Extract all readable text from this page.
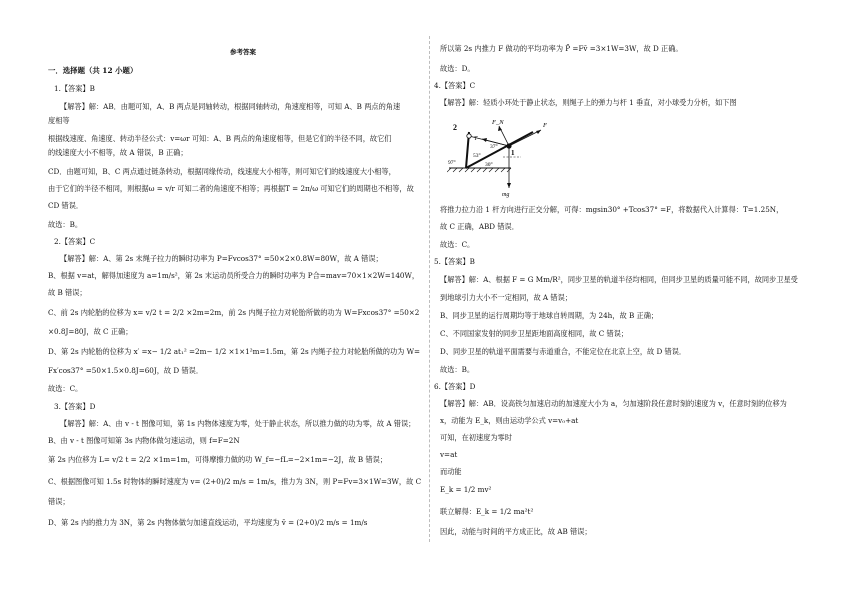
参考答案
一．选择题（共 12 小题）
1.【答案】B
【解答】解：AB．由题可知，A、B 两点是同轴转动，根据同轴转动，角速度相等，可知 A、B 两点的角速
度相等
根据线速度、角速度、转动半径公式：v=ωr 可知：A、B 两点的角速度相等，但是它们的半径不同，故它们
的线速度大小不相等，故 A 错误，B 正确；
CD．由题可知，B、C 两点通过链条转动，根据同缘传动，线速度大小相等，则可知它们的线速度大小相等，
由于它们的半径不相同，则根据ω = v/r 可知二者的角速度不相等；再根据T = 2π/ω 可知它们的周期也不相等，故
CD 错误．
故选：B。
2.【答案】C
【解答】解：A、第 2s 末绳子拉力的瞬时功率为 P=Fvcos37° =50×2×0.8W=80W，故 A 错误；
B、根据 v=at，解得加速度为 a=1m/s²，第 2s 末运动员所受合力的瞬时功率为 P合=mav=70×1×2W=140W，
故 B 错误；
C、前 2s 内轮胎的位移为 x= v/2 t = 2/2 ×2m=2m，前 2s 内绳子拉力对轮胎所做的功为 W=Fxcos37° =50×2
×0.8J=80J，故 C 正确；
D、第 2s 内轮胎的位移为 x′ =x− 1/2 at₁² =2m− 1/2 ×1×1²m=1.5m，第 2s 内绳子拉力对轮胎所做的功为 W=
Fx′cos37° =50×1.5×0.8J=60J，故 D 错误．
故选：C。
3.【答案】D
【解答】解：A、由 v - t 图像可知，第 1s 内物体速度为零，处于静止状态，所以推力做的功为零，故 A 错误；
B、由 v - t 图像可知第 3s 内物体做匀速运动，则 f=F=2N
第 2s 内位移为 L= v/2 t = 2/2 ×1m=1m，可得摩擦力做的功 W_f=−fL=−2×1m=−2J，故 B 错误；
C、根据图像可知 1.5s 时物体的瞬时速度为 v= (2+0)/2 m/s = 1m/s，推力为 3N，则 P=Fv=3×1W=3W，故 C
错误；
D、第 2s 内的推力为 3N，第 2s 内物体做匀加速直线运动，平均速度为 v̄ = (2+0)/2 m/s = 1m/s
所以第 2s 内推力 F 做功的平均功率为 P̄ =Fv̄ =3×1W=3W，故 D 正确。
故选：D。
4.【答案】C
【解答】解：轻质小环处于静止状态，则绳子上的弹力与杆 1 垂直，对小球受力分析，如下图
2
T
F_N	F
37°
53°	1
97°	30°
mg
将推力拉力沿 1 杆方向进行正交分解，可得：mgsin30° +Tcos37° =F，将数据代入计算得：T=1.25N，
故 C 正确，ABD 错误．
故选：C。
5.【答案】B
【解答】解：A、根据 F = G Mm/R²，同步卫星的轨道半径均相同，但同步卫星的质量可能不同，故同步卫星受
到地球引力大小不一定相同，故 A 错误；
B、同步卫星的运行周期均等于地球自转周期，为 24h，故 B 正确；
C、不同国家发射的同步卫星距地面高度相同，故 C 错误；
D、同步卫星的轨道平面需要与赤道重合，不能定位在北京上空，故 D 错误．
故选：B。
6.【答案】D
【解答】解：AB．设高铁匀加速启动的加速度大小为 a，匀加速阶段任意时刻的速度为 v，任意时刻的位移为
x，动能为 E_k，则由运动学公式 v=v₀+at
可知，在初速度为零时
v=at
而动能
E_k = 1/2 mv²
联立解得：E_k = 1/2 ma²t²
因此，动能与时间的平方成正比，故 AB 错误；
